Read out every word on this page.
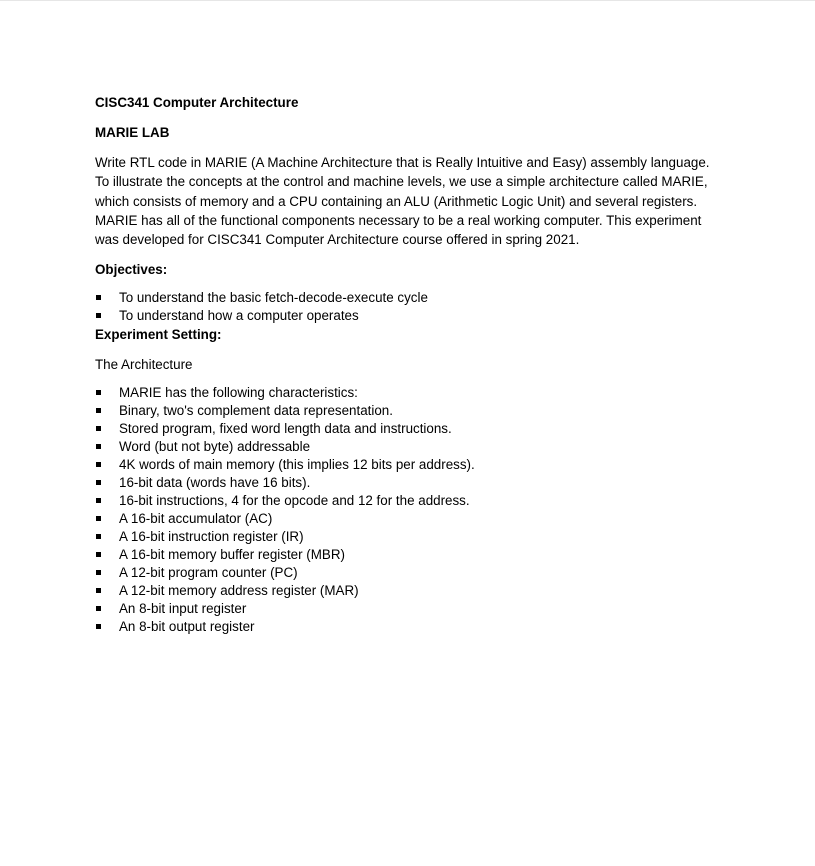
CISC341 Computer Architecture

MARIE LAB

Write RTL code in MARIE (A Machine Architecture that is Really Intuitive and Easy) assembly language.
To illustrate the concepts at the control and machine levels, we use a simple architecture called MARIE,
which consists of memory and a CPU containing an ALU (Arithmetic Logic Unit) and several registers.
MARIE has all of the functional components necessary to be a real working computer. This experiment
was developed for CISC341 Computer Architecture course offered in spring 2021.

Objectives:

To understand the basic fetch-decode-execute cycle
To understand how a computer operates

Experiment Setting:

The Architecture

MARIE has the following characteristics:
Binary, two's complement data representation.
Stored program, fixed word length data and instructions.
Word (but not byte) addressable
4K words of main memory (this implies 12 bits per address).
16-bit data (words have 16 bits).
16-bit instructions, 4 for the opcode and 12 for the address.
A 16-bit accumulator (AC)
A 16-bit instruction register (IR)
A 16-bit memory buffer register (MBR)
A 12-bit program counter (PC)
A 12-bit memory address register (MAR)
An 8-bit input register
An 8-bit output register
